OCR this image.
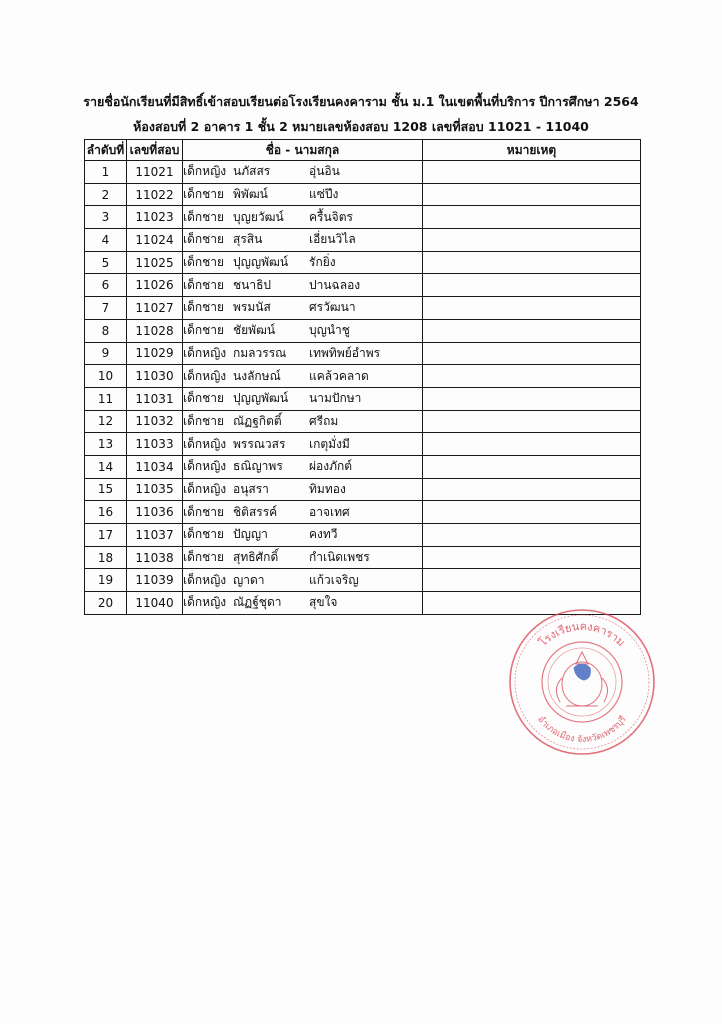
รายชื่อนักเรียนที่มีสิทธิ์เข้าสอบเรียนต่อโรงเรียนคงคาราม ชั้น ม.1 ในเขตพื้นที่บริการ ปีการศึกษา 2564
ห้องสอบที่ 2 อาคาร 1 ชั้น 2 หมายเลขห้องสอบ 1208 เลขที่สอบ 11021 - 11040
ลำดับที่	เลขที่สอบ	ชื่อ - นามสกุล	หมายเหตุ
1	11021	เด็กหญิง นภัสสร อุ่นอิน	
2	11022	เด็กชาย พิพัฒน์ แซ่ปึง	
3	11023	เด็กชาย บุญยวัฒน์ ครื้นจิตร	
4	11024	เด็กชาย สุรสิน เอี่ยนวิไล	
5	11025	เด็กชาย ปุญญพัฒน์ รักยิ่ง	
6	11026	เด็กชาย ชนาธิป ปานฉลอง	
7	11027	เด็กชาย พรมนัส ศรวัฒนา	
8	11028	เด็กชาย ชัยพัฒน์ บุญนำชู	
9	11029	เด็กหญิง กมลวรรณ เทพทิพย์อำพร	
10	11030	เด็กหญิง นงลักษณ์ แคล้วคลาด	
11	11031	เด็กชาย ปุญญพัฒน์ นามปักษา	
12	11032	เด็กชาย ณัฏฐกิตติ์ ศรีถม	
13	11033	เด็กหญิง พรรณวสร เกตุมั่งมี	
14	11034	เด็กหญิง ธณิญาพร ผ่องภักต์	
15	11035	เด็กหญิง อนุสรา ทิมทอง	
16	11036	เด็กชาย ชิติสรรค์ อาจเทศ	
17	11037	เด็กชาย ปัญญา คงทวี	
18	11038	เด็กชาย สุทธิศักดิ์ กำเนิดเพชร	
19	11039	เด็กหญิง ญาดา แก้วเจริญ	
20	11040	เด็กหญิง ณัฏฐ์ชุดา สุขใจ	
โรงเรียนคงคาราม
อำเภอเมือง จังหวัดเพชรบุรี
